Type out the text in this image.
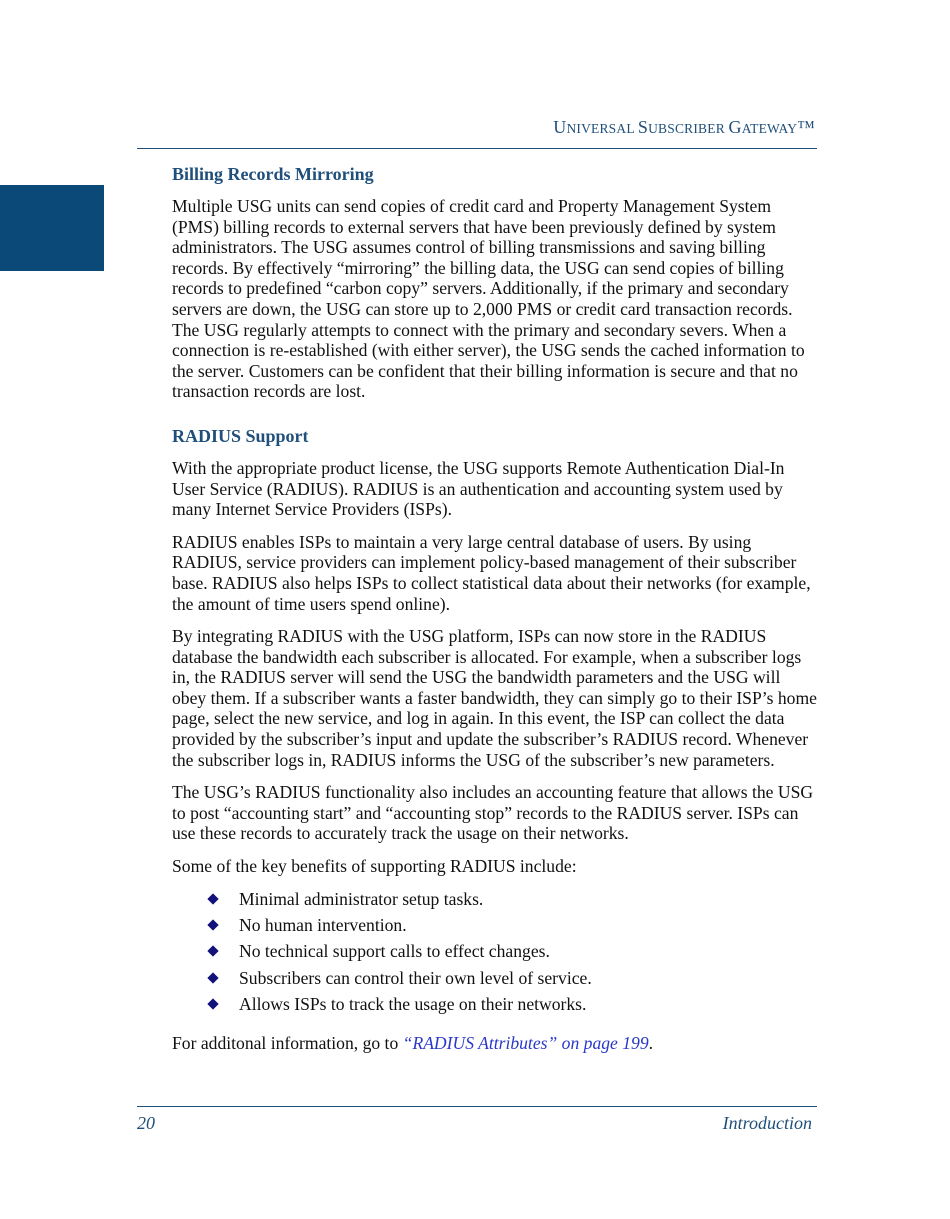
UNIVERSAL SUBSCRIBER GATEWAY™
Billing Records Mirroring

Multiple USG units can send copies of credit card and Property Management System (PMS) billing records to external servers that have been previously defined by system administrators. The USG assumes control of billing transmissions and saving billing records. By effectively “mirroring” the billing data, the USG can send copies of billing records to predefined “carbon copy” servers. Additionally, if the primary and secondary servers are down, the USG can store up to 2,000 PMS or credit card transaction records. The USG regularly attempts to connect with the primary and secondary severs. When a connection is re-established (with either server), the USG sends the cached information to the server. Customers can be confident that their billing information is secure and that no transaction records are lost.

RADIUS Support

With the appropriate product license, the USG supports Remote Authentication Dial-In User Service (RADIUS). RADIUS is an authentication and accounting system used by many Internet Service Providers (ISPs).

RADIUS enables ISPs to maintain a very large central database of users. By using RADIUS, service providers can implement policy-based management of their subscriber base. RADIUS also helps ISPs to collect statistical data about their networks (for example, the amount of time users spend online).

By integrating RADIUS with the USG platform, ISPs can now store in the RADIUS database the bandwidth each subscriber is allocated. For example, when a subscriber logs in, the RADIUS server will send the USG the bandwidth parameters and the USG will obey them. If a subscriber wants a faster bandwidth, they can simply go to their ISP’s home page, select the new service, and log in again. In this event, the ISP can collect the data provided by the subscriber’s input and update the subscriber’s RADIUS record. Whenever the subscriber logs in, RADIUS informs the USG of the subscriber’s new parameters.

The USG’s RADIUS functionality also includes an accounting feature that allows the USG to post “accounting start” and “accounting stop” records to the RADIUS server. ISPs can use these records to accurately track the usage on their networks.

Some of the key benefits of supporting RADIUS include:

Minimal administrator setup tasks.
No human intervention.
No technical support calls to effect changes.
Subscribers can control their own level of service.
Allows ISPs to track the usage on their networks.

For additonal information, go to “RADIUS Attributes” on page 199.

20	Introduction
